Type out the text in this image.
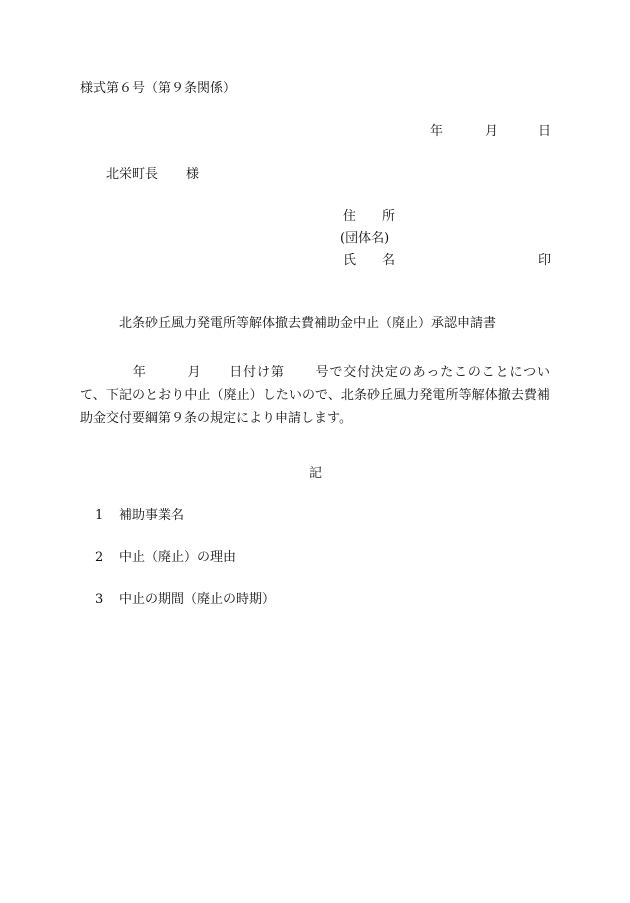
様式第６号（第９条関係）
年	月	日
北栄町長 様
住　　所
(団体名)
氏　　名	印
北条砂丘風力発電所等解体撤去費補助金中止（廃止）承認申請書
年	月 日付け第 号で交付決定のあったこのことについて、下記のとおり中止（廃止）したいので、北条砂丘風力発電所等解体撤去費補助金交付要綱第９条の規定により申請します。
記
1 補助事業名
2 中止（廃止）の理由
3 中止の期間（廃止の時期）
